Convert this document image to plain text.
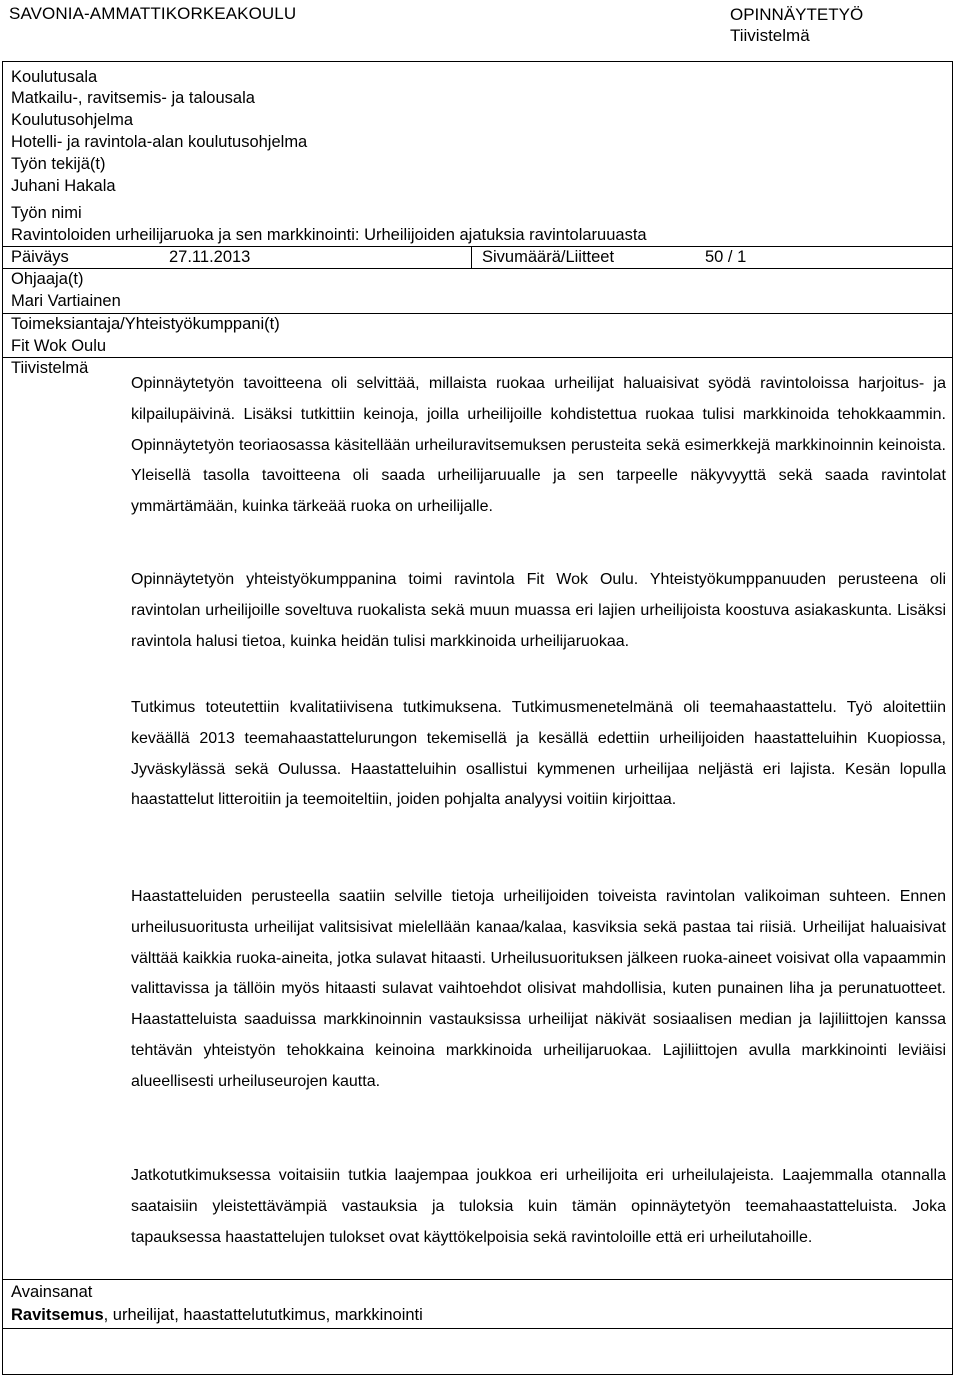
SAVONIA-AMMATTIKORKEAKOULU	OPINNÄYTETYÖ
Tiivistelmä
Koulutusala
Matkailu-, ravitsemis- ja talousala
Koulutusohjelma
Hotelli- ja ravintola-alan koulutusohjelma
Työn tekijä(t)
Juhani Hakala
Työn nimi
Ravintoloiden urheilijaruoka ja sen markkinointi: Urheilijoiden ajatuksia ravintolaruuasta
Päiväys	27.11.2013	Sivumäärä/Liitteet	50 / 1
Ohjaaja(t)
Mari Vartiainen
Toimeksiantaja/Yhteistyökumppani(t)
Fit Wok Oulu
Tiivistelmä

Opinnäytetyön tavoitteena oli selvittää, millaista ruokaa urheilijat haluaisivat syödä ravintoloissa harjoitus- ja kilpailupäivinä. Lisäksi tutkittiin keinoja, joilla urheilijoille kohdistettua ruokaa tulisi markkinoida tehokkaammin. Opinnäytetyön teoriaosassa käsitellään urheiluravitsemuksen perusteita sekä esimerkkejä markkinoinnin keinoista. Yleisellä tasolla tavoitteena oli saada urheilijaruualle ja sen tarpeelle näkyvyyttä sekä saada ravintolat ymmärtämään, kuinka tärkeää ruoka on urheilijalle.

Opinnäytetyön yhteistyökumppanina toimi ravintola Fit Wok Oulu. Yhteistyökumppanuuden perusteena oli ravintolan urheilijoille soveltuva ruokalista sekä muun muassa eri lajien urheilijoista koostuva asiakaskunta. Lisäksi ravintola halusi tietoa, kuinka heidän tulisi markkinoida urheilijaruokaa.

Tutkimus toteutettiin kvalitatiivisena tutkimuksena. Tutkimusmenetelmänä oli teemahaastattelu. Työ aloitettiin keväällä 2013 teemahaastattelurungon tekemisellä ja kesällä edettiin urheilijoiden haastatteluihin Kuopiossa, Jyväskylässä sekä Oulussa. Haastatteluihin osallistui kymmenen urheilijaa neljästä eri lajista. Kesän lopulla haastattelut litteroitiin ja teemoiteltiin, joiden pohjalta analyysi voitiin kirjoittaa.

Haastatteluiden perusteella saatiin selville tietoja urheilijoiden toiveista ravintolan valikoiman suhteen. Ennen urheilusuoritusta urheilijat valitsisivat mielellään kanaa/kalaa, kasviksia sekä pastaa tai riisiä. Urheilijat haluaisivat välttää kaikkia ruoka-aineita, jotka sulavat hitaasti. Urheilusuorituksen jälkeen ruoka-aineet voisivat olla vapaammin valittavissa ja tällöin myös hitaasti sulavat vaihtoehdot olisivat mahdollisia, kuten punainen liha ja perunatuotteet. Haastatteluista saaduissa markkinoinnin vastauksissa urheilijat näkivät sosiaalisen median ja lajiliittojen kanssa tehtävän yhteistyön tehokkaina keinoina markkinoida urheilijaruokaa. Lajiliittojen avulla markkinointi leviäisi alueellisesti urheiluseurojen kautta.

Jatkotutkimuksessa voitaisiin tutkia laajempaa joukkoa eri urheilijoita eri urheilulajeista. Laajemmalla otannalla saataisiin yleistettävämpiä vastauksia ja tuloksia kuin tämän opinnäytetyön teemahaastatteluista. Joka tapauksessa haastattelujen tulokset ovat käyttökelpoisia sekä ravintoloille että eri urheilutahoille.

Avainsanat
Ravitsemus, urheilijat, haastattelututkimus, markkinointi
